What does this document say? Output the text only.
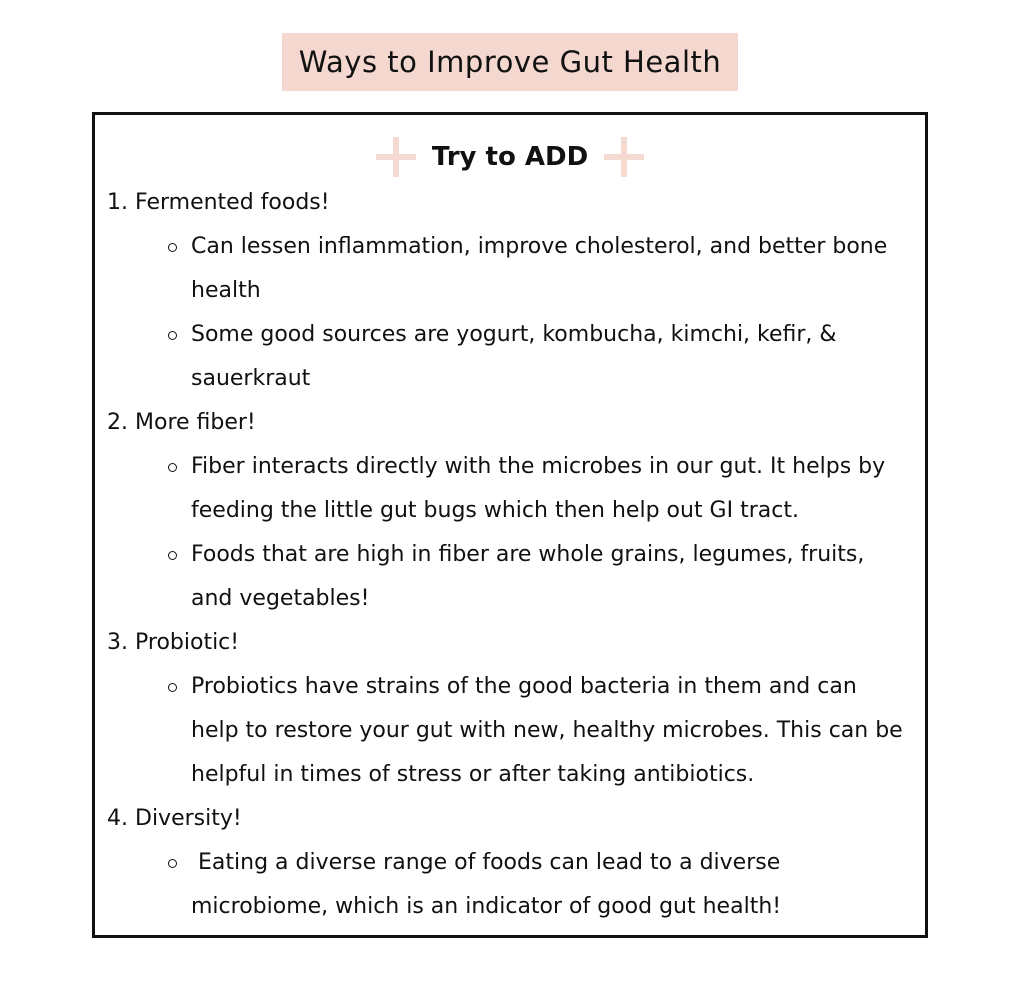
Ways to Improve Gut Health
Try to ADD
1. Fermented foods!
Can lessen inflammation, improve cholesterol, and better bone health
Some good sources are yogurt, kombucha, kimchi, kefir, & sauerkraut
2. More fiber!
Fiber interacts directly with the microbes in our gut. It helps by feeding the little gut bugs which then help out GI tract.
Foods that are high in fiber are whole grains, legumes, fruits, and vegetables!
3. Probiotic!
Probiotics have strains of the good bacteria in them and can help to restore your gut with new, healthy microbes. This can be helpful in times of stress or after taking antibiotics.
4. Diversity!
Eating a diverse range of foods can lead to a diverse microbiome, which is an indicator of good gut health!
